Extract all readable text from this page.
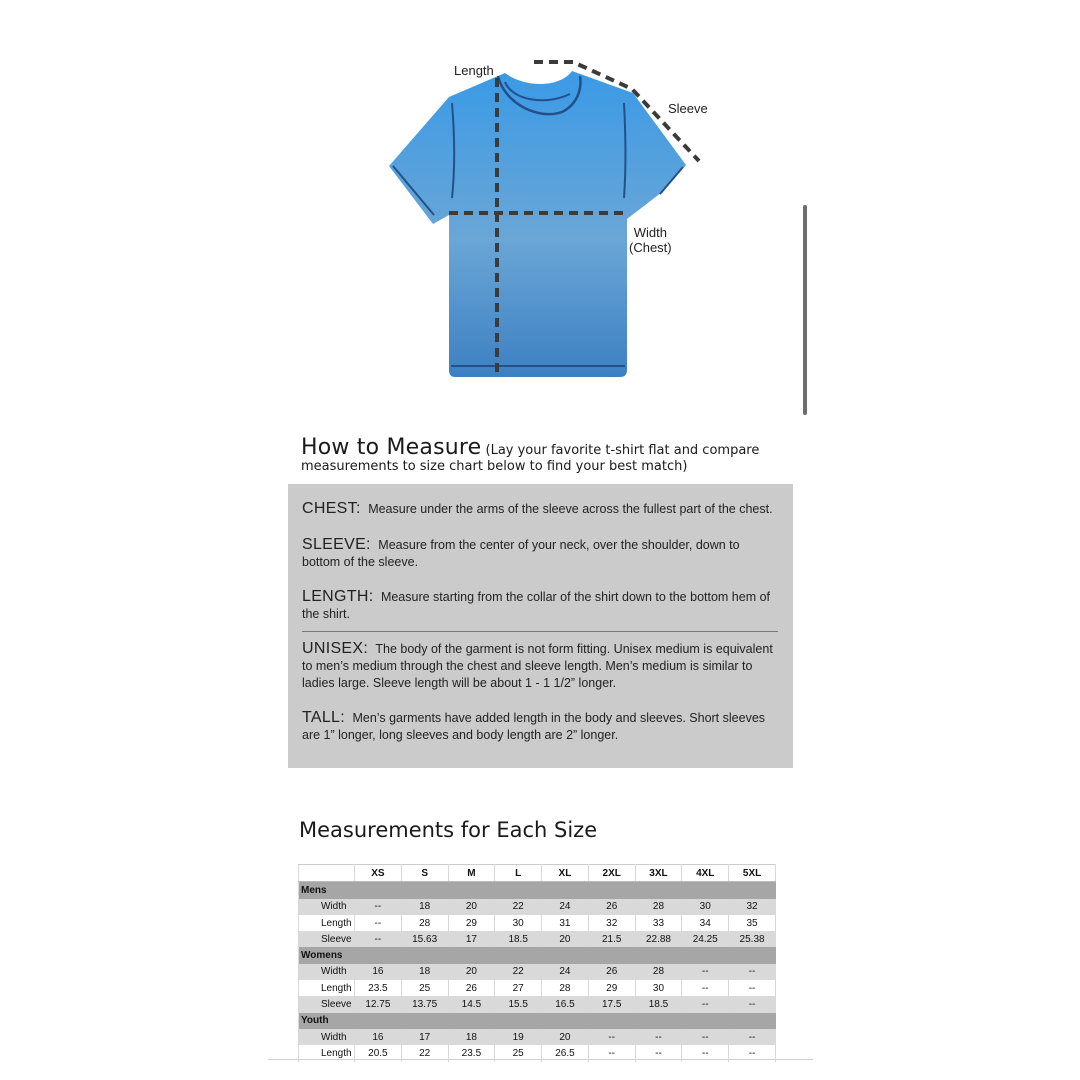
Length
Sleeve
Width
(Chest)
How to Measure (Lay your favorite t-shirt flat and compare measurements to size chart below to find your best match)
CHEST: Measure under the arms of the sleeve across the fullest part of the chest.
SLEEVE: Measure from the center of your neck, over the shoulder, down to bottom of the sleeve.
LENGTH: Measure starting from the collar of the shirt down to the bottom hem of the shirt.
UNISEX: The body of the garment is not form fitting. Unisex medium is equivalent to men’s medium through the chest and sleeve length. Men’s medium is similar to ladies large. Sleeve length will be about 1 - 1 1/2” longer.
TALL: Men’s garments have added length in the body and sleeves. Short sleeves are 1” longer, long sleeves and body length are 2” longer.
Measurements for Each Size
	XS	S	M	L	XL	2XL	3XL	4XL	5XL
Mens									
Width	--	18	20	22	24	26	28	30	32
Length	--	28	29	30	31	32	33	34	35
Sleeve	--	15.63	17	18.5	20	21.5	22.88	24.25	25.38
Womens									
Width	16	18	20	22	24	26	28	--	--
Length	23.5	25	26	27	28	29	30	--	--
Sleeve	12.75	13.75	14.5	15.5	16.5	17.5	18.5	--	--
Youth									
Width	16	17	18	19	20	--	--	--	--
Length	20.5	22	23.5	25	26.5	--	--	--	--
